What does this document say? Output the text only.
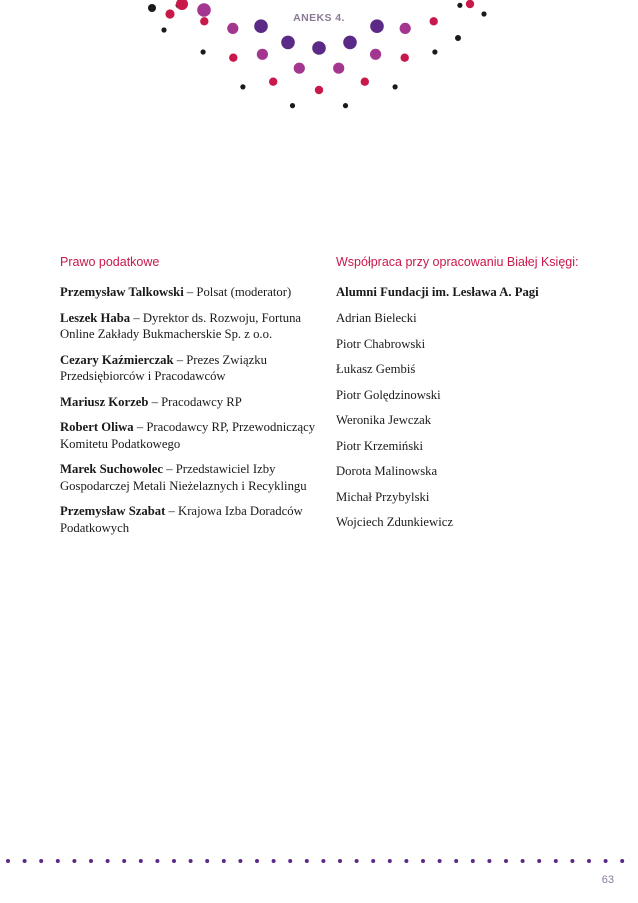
ANEKS 4.
Prawo podatkowe
Przemysław Talkowski – Polsat (moderator)
Leszek Haba – Dyrektor ds. Rozwoju, Fortuna Online Zakłady Bukmacherskie Sp. z o.o.
Cezary Kaźmierczak – Prezes Związku Przedsiębiorców i Pracodawców
Mariusz Korzeb – Pracodawcy RP
Robert Oliwa – Pracodawcy RP, Przewodniczący Komitetu Podatkowego
Marek Suchowolec – Przedstawiciel Izby Gospodarczej Metali Nieżelaznych i Recyklingu
Przemysław Szabat – Krajowa Izba Doradców Podatkowych
Współpraca przy opracowaniu Białej Księgi:
Alumni Fundacji im. Lesława A. Pagi
Adrian Bielecki
Piotr Chabrowski
Łukasz Gembiś
Piotr Golędzinowski
Weronika Jewczak
Piotr Krzemiński
Dorota Malinowska
Michał Przybylski
Wojciech Zdunkiewicz
63
